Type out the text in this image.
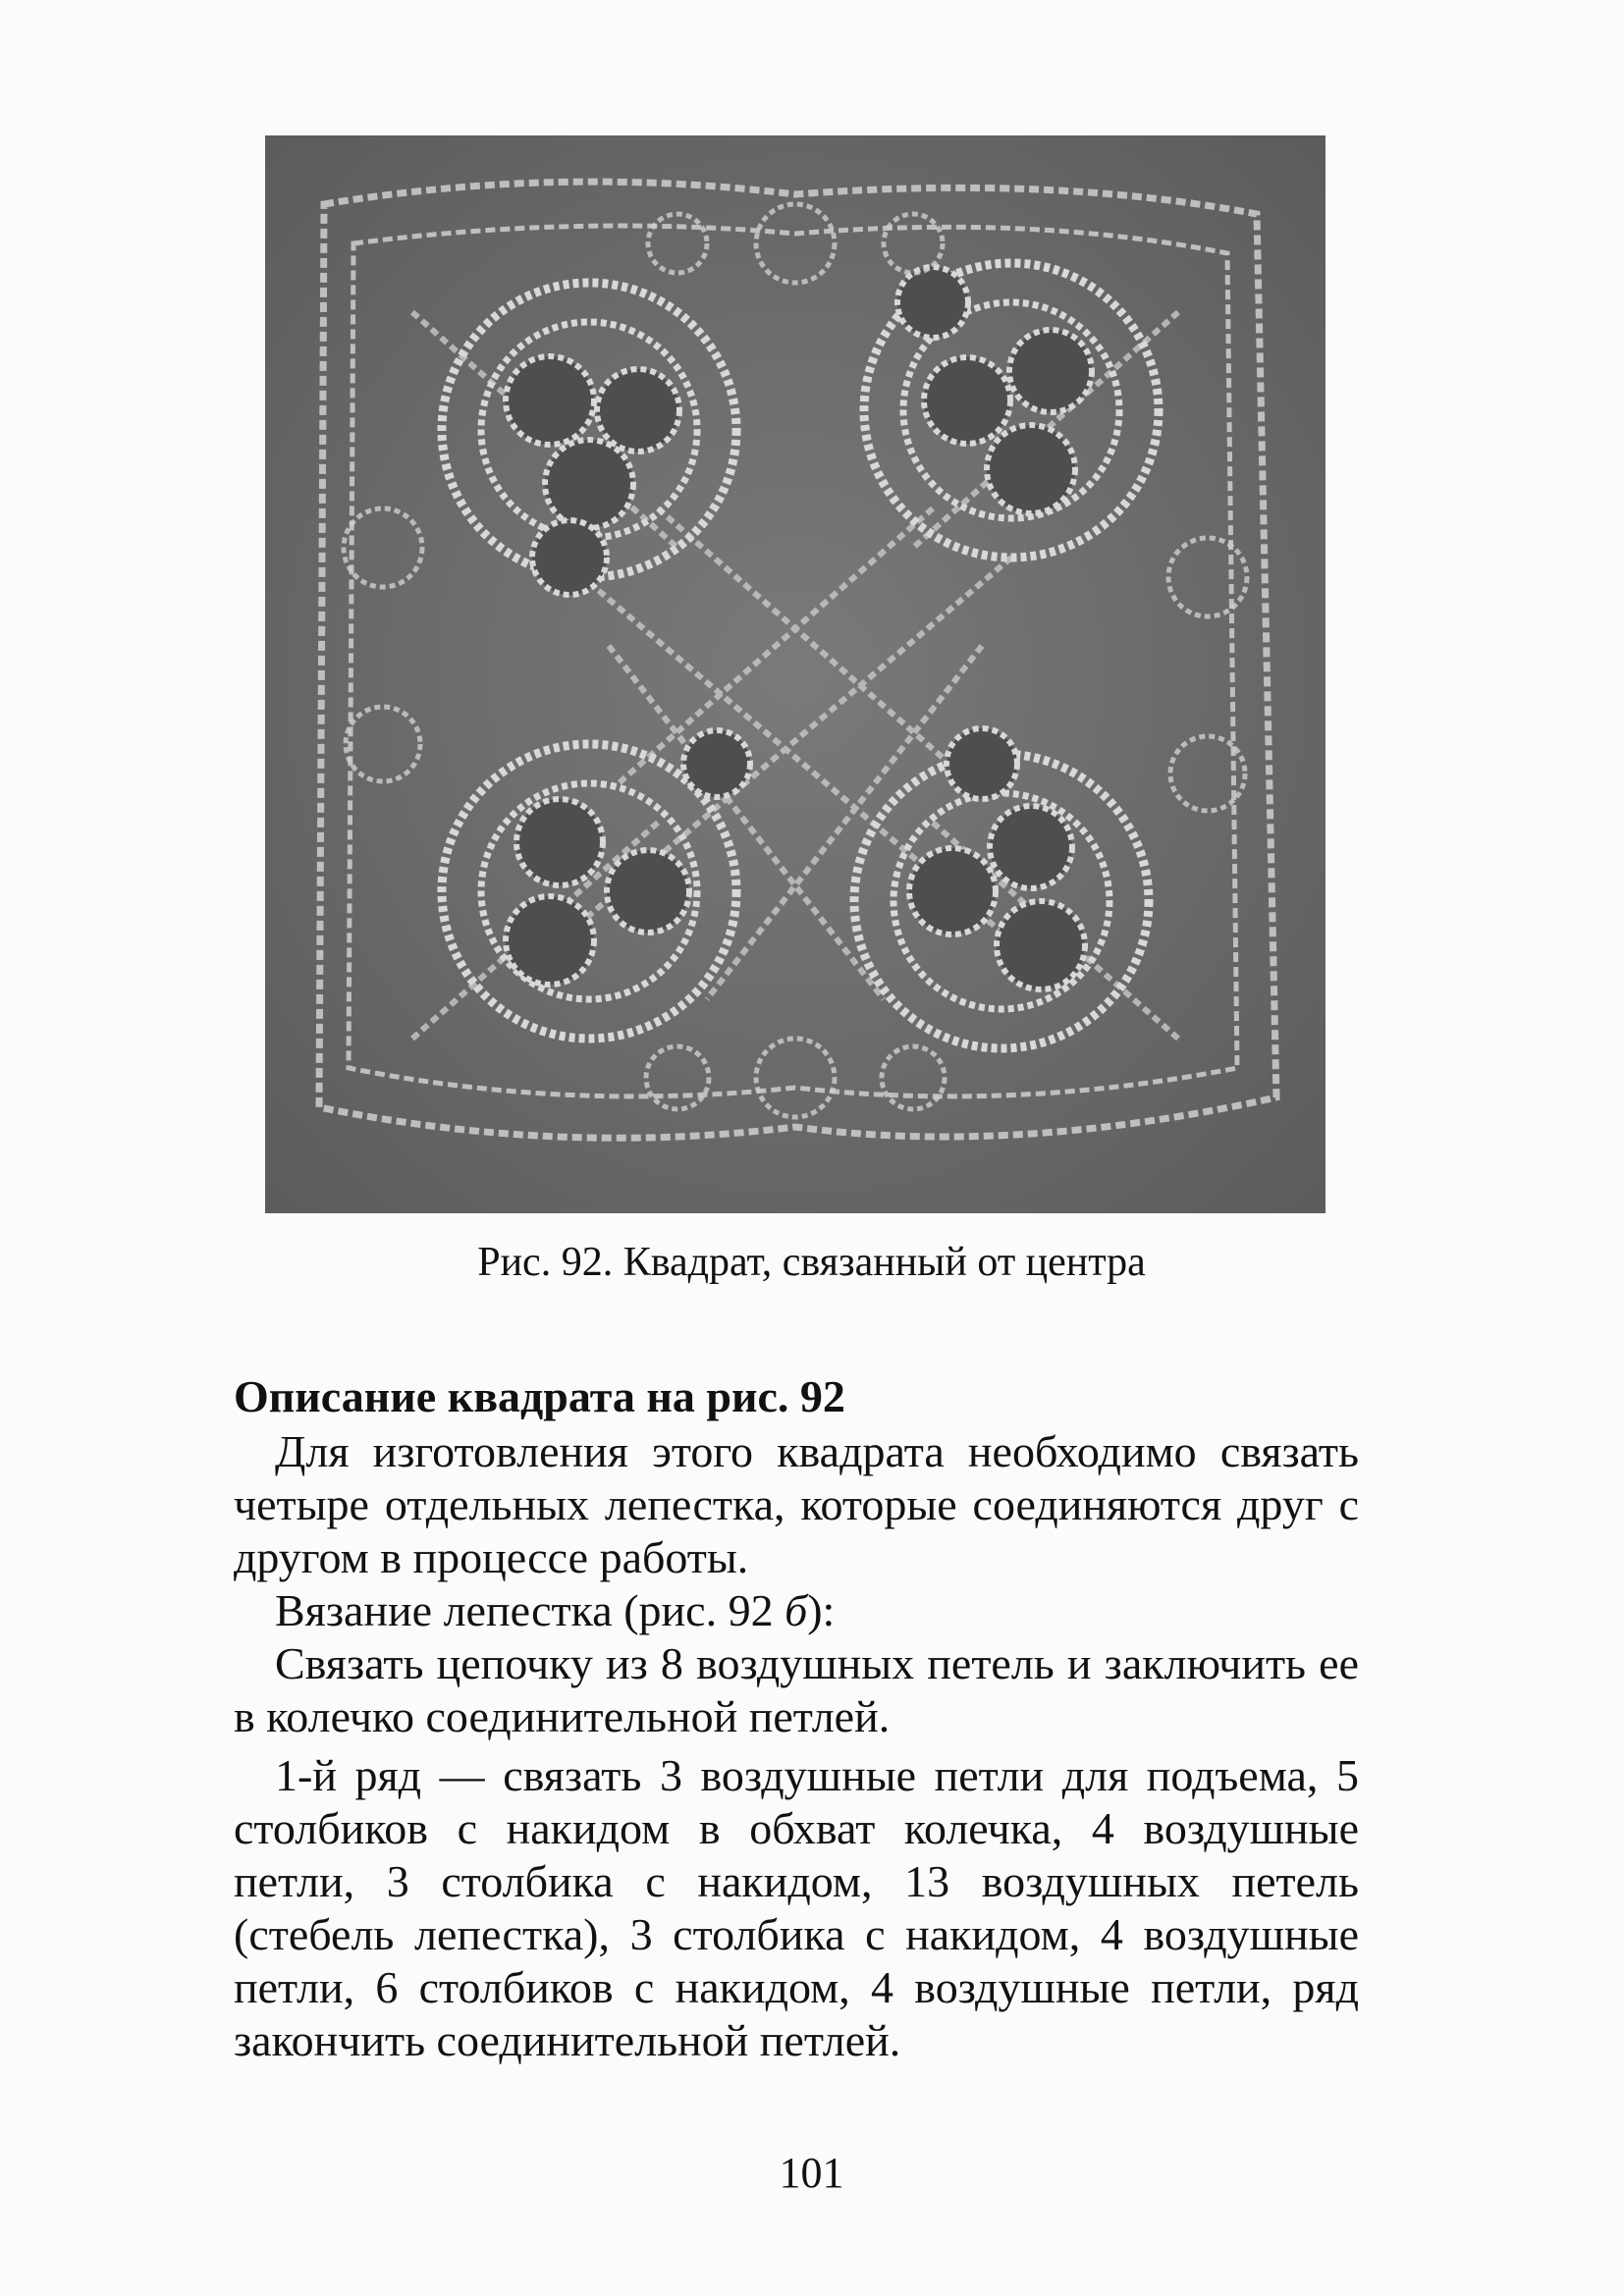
Рис. 92. Квадрат, связанный от центра

Описание квадрата на рис. 92

Для изготовления этого квадрата необходимо связать четыре отдельных лепестка, которые соединяются друг с другом в процессе работы.

Вязание лепестка (рис. 92 б):

Связать цепочку из 8 воздушных петель и заключить ее в колечко соединительной петлей.

1-й ряд — связать 3 воздушные петли для подъема, 5 столбиков с накидом в обхват колечка, 4 воздушные петли, 3 столбика с накидом, 13 воздушных петель (стебель лепестка), 3 столбика с накидом, 4 воздушные петли, 6 столбиков с накидом, 4 воздушные петли, ряд закончить соединительной петлей.

101
